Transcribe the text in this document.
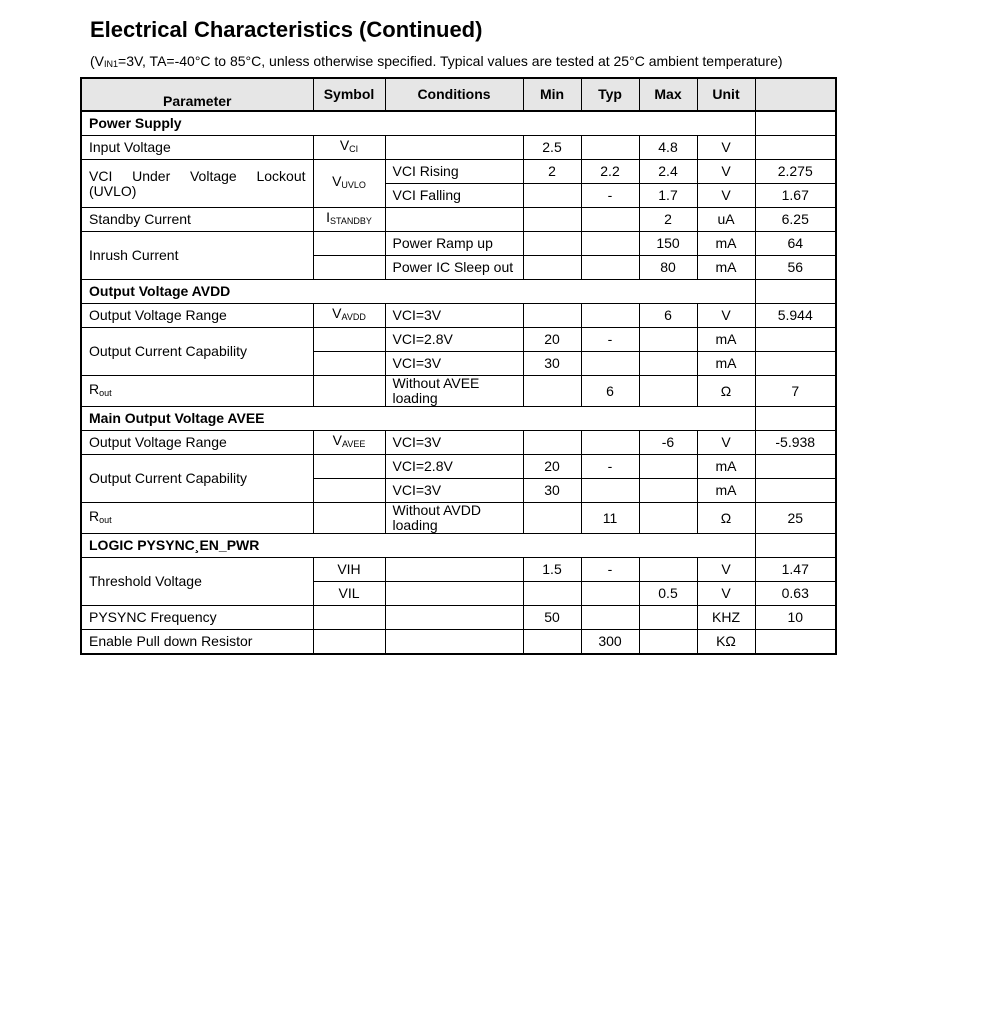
Electrical Characteristics (Continued)
($V_{IN1}=3V$, TA=-40°C to 85°C, unless otherwise specified. Typical values are tested at 25°C ambient temperature)
Parameter	Symbol	Conditions	Min	Typ	Max	Unit	
Power Supply							
Input Voltage	$V_{CI}$		2.5		4.8	V	
VCI Under Voltage Lockout (UVLO)	$V_{UVLO}$	VCI Rising	2	2.2	2.4	V	2.275
		VCI Falling		-	1.7	V	1.67
Standby Current	$I_{STANDBY}$				2	uA	6.25
Inrush Current		Power Ramp up			150	mA	64
		Power IC Sleep out			80	mA	56
Output Voltage AVDD							
Output Voltage Range	$V_{AVDD}$	VCI=3V			6	V	5.944
Output Current Capability		VCI=2.8V	20	-		mA	
		VCI=3V	30			mA	
$R_{out}$		Without AVEE loading		6		Ω	7
Main Output Voltage AVEE							
Output Voltage Range	$V_{AVEE}$	VCI=3V			-6	V	-5.938
Output Current Capability		VCI=2.8V	20	-		mA	
		VCI=3V	30			mA	
$R_{out}$		Without AVDD loading		11		Ω	25
LOGIC PYSYNC¸EN_PWR							
Threshold Voltage	VIH		1.5	-		V	1.47
	VIL				0.5	V	0.63
PYSYNC Frequency			50			KHZ	10
Enable Pull down Resistor				300		KΩ	
